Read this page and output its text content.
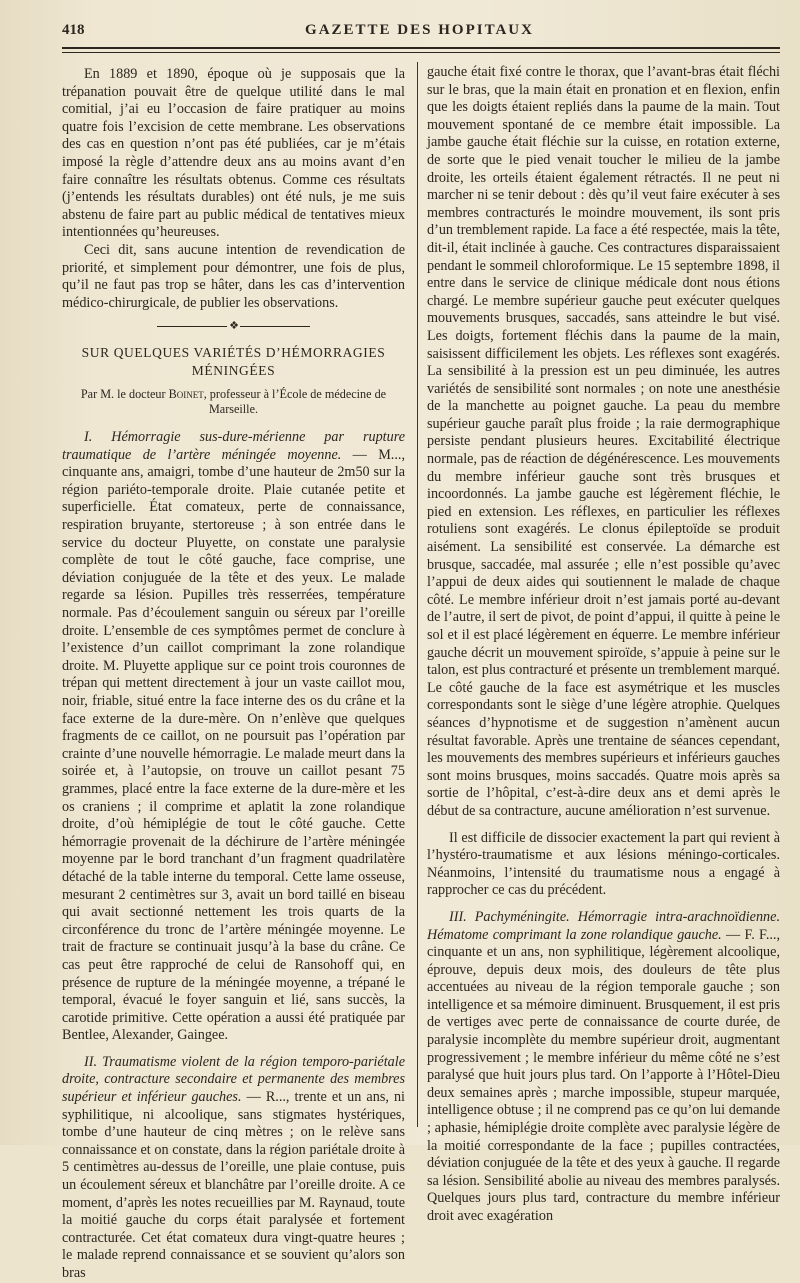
418	GAZETTE DES HOPITAUX

En 1889 et 1890, époque où je supposais que la trépanation pouvait être de quelque utilité dans le mal comitial, j’ai eu l’occasion de faire pratiquer au moins quatre fois l’excision de cette membrane. Les observations des cas en question n’ont pas été publiées, car je m’étais imposé la règle d’attendre deux ans au moins avant d’en faire connaître les résultats obtenus. Comme ces résultats (j’entends les résultats durables) ont été nuls, je me suis abstenu de faire part au public médical de tentatives mieux intentionnées qu’heureuses.

Ceci dit, sans aucune intention de revendication de priorité, et simplement pour démontrer, une fois de plus, qu’il ne faut pas trop se hâter, dans les cas d’intervention médico-chirurgicale, de publier les observations.

❖
SUR QUELQUES VARIÉTÉS D’HÉMORRAGIES MÉNINGÉES
Par M. le docteur Boinet, professeur à l’École de médecine de Marseille.

I. Hémorragie sus-dure-mérienne par rupture traumatique de l’artère méningée moyenne. — M..., cinquante ans, amaigri, tombe d’une hauteur de 2m50 sur la région pariéto-temporale droite. Plaie cutanée petite et superficielle. État comateux, perte de connaissance, respiration bruyante, stertoreuse ; à son entrée dans le service du docteur Pluyette, on constate une paralysie complète de tout le côté gauche, face comprise, une déviation conjuguée de la tête et des yeux. Le malade regarde sa lésion. Pupilles très resserrées, température normale. Pas d’écoulement sanguin ou séreux par l’oreille droite. L’ensemble de ces symptômes permet de conclure à l’existence d’un caillot comprimant la zone rolandique droite. M. Pluyette applique sur ce point trois couronnes de trépan qui mettent directement à jour un vaste caillot mou, noir, friable, situé entre la face interne des os du crâne et la face externe de la dure-mère. On n’enlève que quelques fragments de ce caillot, on ne poursuit pas l’opération par crainte d’une nouvelle hémorragie. Le malade meurt dans la soirée et, à l’autopsie, on trouve un caillot pesant 75 grammes, placé entre la face externe de la dure-mère et les os craniens ; il comprime et aplatit la zone rolandique droite, d’où hémiplégie de tout le côté gauche. Cette hémorragie provenait de la déchirure de l’artère méningée moyenne par le bord tranchant d’un fragment quadrilatère détaché de la table interne du temporal. Cette lame osseuse, mesurant 2 centimètres sur 3, avait un bord taillé en biseau qui avait sectionné nettement les trois quarts de la circonférence du tronc de l’artère méningée moyenne. Le trait de fracture se continuait jusqu’à la base du crâne. Ce cas peut être rapproché de celui de Ransohoff qui, en présence de rupture de la méningée moyenne, a trépané le temporal, évacué le foyer sanguin et lié, sans succès, la carotide primitive. Cette opération a aussi été pratiquée par Bentlee, Alexander, Gaingee.

II. Traumatisme violent de la région temporo-pariétale droite, contracture secondaire et permanente des membres supérieur et inférieur gauches. — R..., trente et un ans, ni syphilitique, ni alcoolique, sans stigmates hystériques, tombe d’une hauteur de cinq mètres ; on le relève sans connaissance et on constate, dans la région pariétale droite à 5 centimètres au-dessus de l’oreille, une plaie contuse, puis un écoulement séreux et blanchâtre par l’oreille droite. A ce moment, d’après les notes recueillies par M. Raynaud, toute la moitié gauche du corps était paralysée et fortement contracturée. Cet état comateux dura vingt-quatre heures ; le malade reprend connaissance et se souvient qu’alors son bras

gauche était fixé contre le thorax, que l’avant-bras était fléchi sur le bras, que la main était en pronation et en flexion, enfin que les doigts étaient repliés dans la paume de la main. Tout mouvement spontané de ce membre était impossible. La jambe gauche était fléchie sur la cuisse, en rotation externe, de sorte que le pied venait toucher le milieu de la jambe droite, les orteils étaient également rétractés. Il ne peut ni marcher ni se tenir debout : dès qu’il veut faire exécuter à ses membres contracturés le moindre mouvement, ils sont pris d’un tremblement rapide. La face a été respectée, mais la tête, dit-il, était inclinée à gauche. Ces contractures disparaissaient pendant le sommeil chloroformique. Le 15 septembre 1898, il entre dans le service de clinique médicale dont nous étions chargé. Le membre supérieur gauche peut exécuter quelques mouvements brusques, saccadés, sans atteindre le but visé. Les doigts, fortement fléchis dans la paume de la main, saisissent difficilement les objets. Les réflexes sont exagérés. La sensibilité à la pression est un peu diminuée, les autres variétés de sensibilité sont normales ; on note une anesthésie de la manchette au poignet gauche. La peau du membre supérieur gauche paraît plus froide ; la raie dermographique persiste pendant plusieurs heures. Excitabilité électrique normale, pas de réaction de dégénérescence. Les mouvements du membre inférieur gauche sont très brusques et incoordonnés. La jambe gauche est légèrement fléchie, le pied en extension. Les réflexes, en particulier les réflexes rotuliens sont exagérés. Le clonus épileptoïde se produit aisément. La sensibilité est conservée. La démarche est brusque, saccadée, mal assurée ; elle n’est possible qu’avec l’appui de deux aides qui soutiennent le malade de chaque côté. Le membre inférieur droit n’est jamais porté au-devant de l’autre, il sert de pivot, de point d’appui, il quitte à peine le sol et il est placé légèrement en équerre. Le membre inférieur gauche décrit un mouvement spiroïde, s’appuie à peine sur le talon, est plus contracturé et présente un tremblement marqué. Le côté gauche de la face est asymétrique et les muscles correspondants sont le siège d’une légère atrophie. Quelques séances d’hypnotisme et de suggestion n’amènent aucun résultat favorable. Après une trentaine de séances cependant, les mouvements des membres supérieurs et inférieurs gauches sont moins brusques, moins saccadés. Quatre mois après sa sortie de l’hôpital, c’est-à-dire deux ans et demi après le début de sa contracture, aucune amélioration n’est survenue.

Il est difficile de dissocier exactement la part qui revient à l’hystéro-traumatisme et aux lésions méningo-corticales. Néanmoins, l’intensité du traumatisme nous a engagé à rapprocher ce cas du précédent.

III. Pachyméningite. Hémorragie intra-arachnoïdienne. Hématome comprimant la zone rolandique gauche. — F. F..., cinquante et un ans, non syphilitique, légèrement alcoolique, éprouve, depuis deux mois, des douleurs de tête plus accentuées au niveau de la région temporale gauche ; son intelligence et sa mémoire diminuent. Brusquement, il est pris de vertiges avec perte de connaissance de courte durée, de paralysie incomplète du membre supérieur droit, augmentant progressivement ; le membre inférieur du même côté ne s’est paralysé que huit jours plus tard. On l’apporte à l’Hôtel-Dieu deux semaines après ; marche impossible, stupeur marquée, intelligence obtuse ; il ne comprend pas ce qu’on lui demande ; aphasie, hémiplégie droite complète avec paralysie légère de la moitié correspondante de la face ; pupilles contractées, déviation conjuguée de la tête et des yeux à gauche. Il regarde sa lésion. Sensibilité abolie au niveau des membres paralysés. Quelques jours plus tard, contracture du membre inférieur droit avec exagération
